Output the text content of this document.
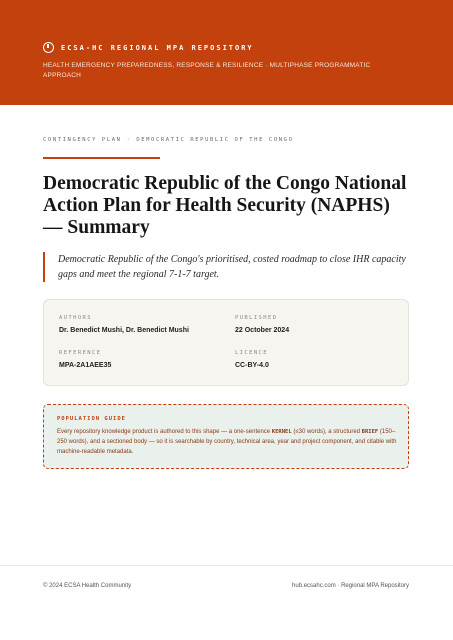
ECSA-HC REGIONAL MPA REPOSITORY
HEALTH EMERGENCY PREPAREDNESS, RESPONSE & RESILIENCE · MULTIPHASE PROGRAMMATIC APPROACH
CONTINGENCY PLAN · DEMOCRATIC REPUBLIC OF THE CONGO
Democratic Republic of the Congo National Action Plan for Health Security (NAPHS) — Summary
Democratic Republic of the Congo's prioritised, costed roadmap to close IHR capacity gaps and meet the regional 7-1-7 target.
AUTHORS
Dr. Benedict Mushi, Dr. Benedict Mushi
PUBLISHED
22 October 2024
REFERENCE
MPA-2A1AEE35
LICENCE
CC-BY-4.0
POPULATION GUIDE
Every repository knowledge product is authored to this shape — a one-sentence KERNEL (≤30 words), a structured BRIEF (150–250 words), and a sectioned body — so it is searchable by country, technical area, year and project component, and citable with machine-readable metadata.
© 2024 ECSA Health Community	hub.ecsahc.com · Regional MPA Repository
